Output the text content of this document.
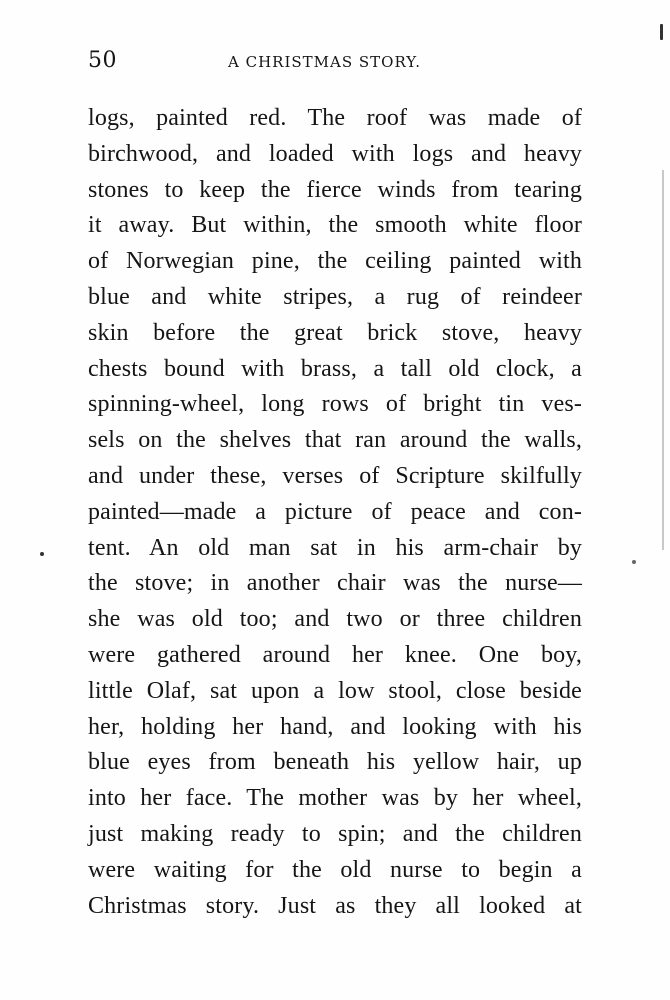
50	A CHRISTMAS STORY.
logs, painted red. The roof was made of
birchwood, and loaded with logs and heavy
stones to keep the fierce winds from tearing
it away. But within, the smooth white floor
of Norwegian pine, the ceiling painted with
blue and white stripes, a rug of reindeer
skin before the great brick stove, heavy
chests bound with brass, a tall old clock, a
spinning-wheel, long rows of bright tin ves-
sels on the shelves that ran around the walls,
and under these, verses of Scripture skilfully
painted—made a picture of peace and con-
tent. An old man sat in his arm-chair by
the stove; in another chair was the nurse—
she was old too; and two or three children
were gathered around her knee. One boy,
little Olaf, sat upon a low stool, close beside
her, holding her hand, and looking with his
blue eyes from beneath his yellow hair, up
into her face. The mother was by her wheel,
just making ready to spin; and the children
were waiting for the old nurse to begin a
Christmas story. Just as they all looked at
